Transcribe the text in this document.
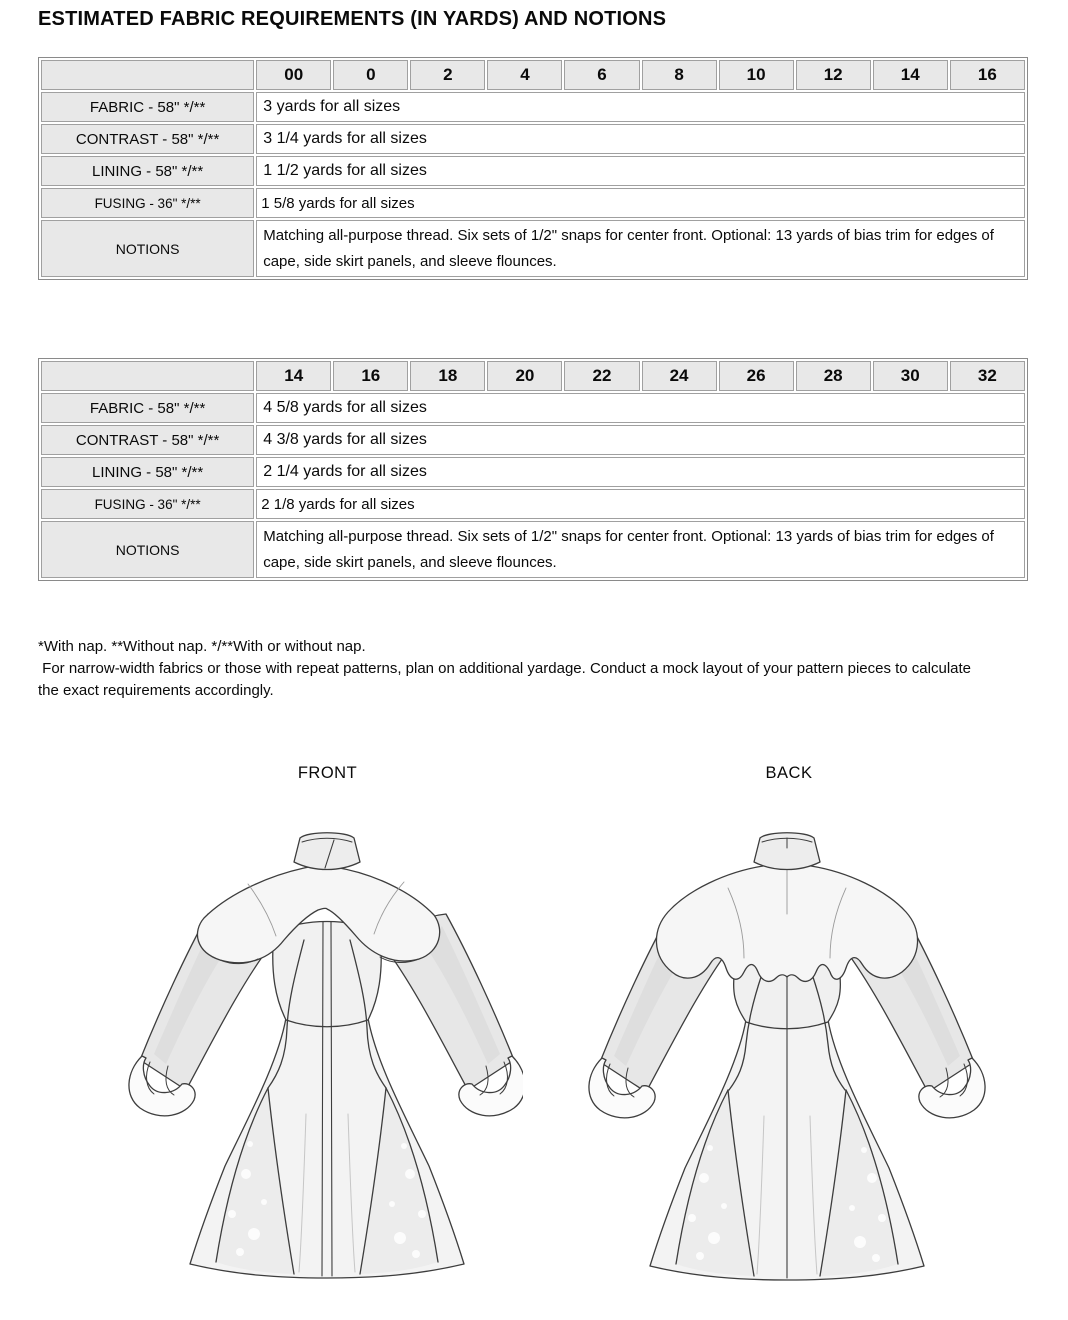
ESTIMATED FABRIC REQUIREMENTS (IN YARDS) AND NOTIONS
	00	0	2	4	6	8	10	12	14	16
FABRIC - 58" */**	3 yards for all sizes									
CONTRAST - 58" */**	3 1/4 yards for all sizes									
LINING - 58" */**	1 1/2 yards for all sizes									
FUSING - 36" */**	1 5/8 yards for all sizes									
NOTIONS	Matching all-purpose thread. Six sets of 1/2" snaps for center front. Optional: 13 yards of bias trim for edges of cape, side skirt panels, and sleeve flounces.									
	14	16	18	20	22	24	26	28	30	32
FABRIC - 58" */**	4 5/8 yards for all sizes									
CONTRAST - 58" */**	4 3/8 yards for all sizes									
LINING - 58" */**	2 1/4 yards for all sizes									
FUSING - 36" */**	2 1/8 yards for all sizes									
NOTIONS	Matching all-purpose thread. Six sets of 1/2" snaps for center front. Optional: 13 yards of bias trim for edges of cape, side skirt panels, and sleeve flounces.									
*With nap. **Without nap. */**With or without nap.
For narrow-width fabrics or those with repeat patterns, plan on additional yardage. Conduct a mock layout of your pattern pieces to calculate the exact requirements accordingly.
FRONT	BACK
